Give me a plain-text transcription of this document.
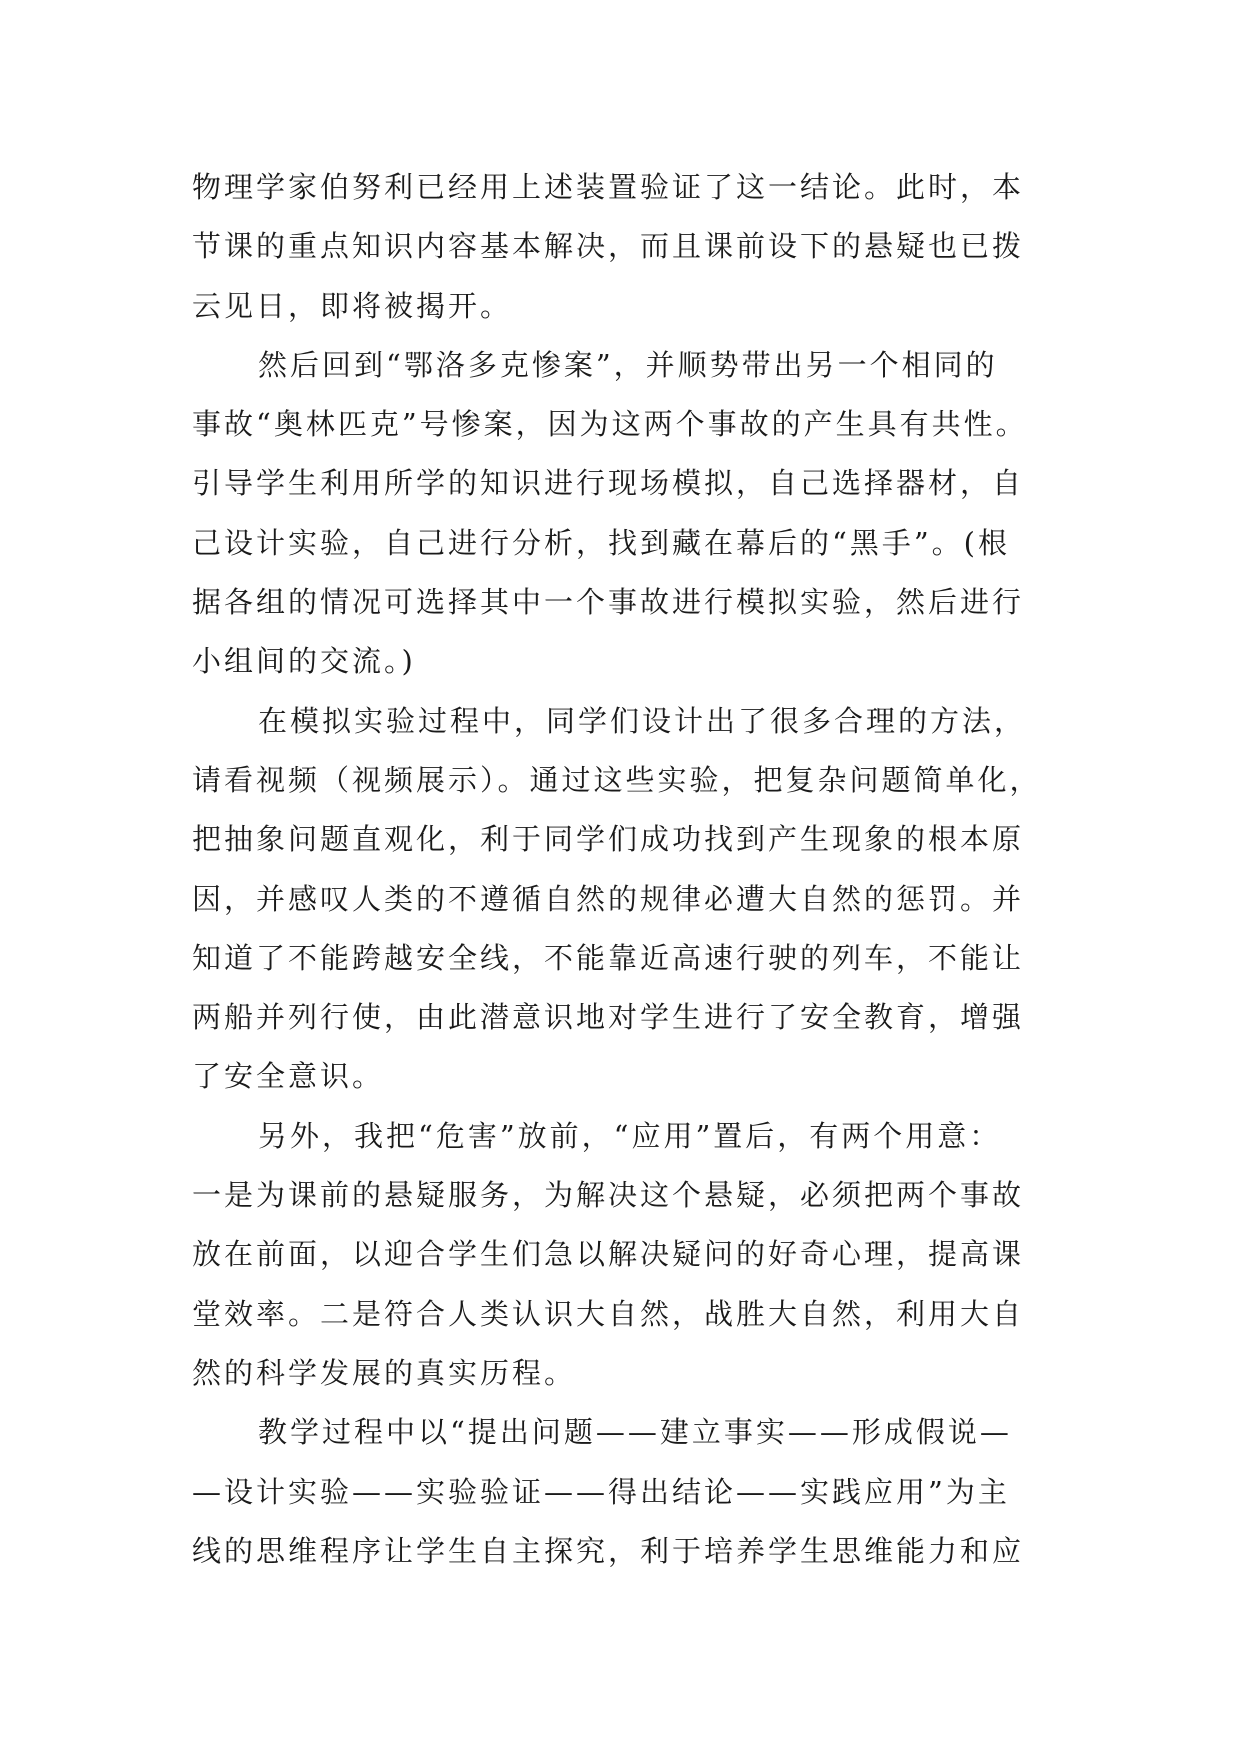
物理学家伯努利已经用上述装置验证了这一结论。此时，本
节课的重点知识内容基本解决，而且课前设下的悬疑也已拨
云见日，即将被揭开。
然后回到“鄂洛多克惨案”，并顺势带出另一个相同的
事故“奥林匹克”号惨案，因为这两个事故的产生具有共性。
引导学生利用所学的知识进行现场模拟，自己选择器材，自
己设计实验，自己进行分析，找到藏在幕后的“黑手”。(根
据各组的情况可选择其中一个事故进行模拟实验，然后进行
小组间的交流。)
在模拟实验过程中，同学们设计出了很多合理的方法，
请看视频（视频展示）。通过这些实验，把复杂问题简单化，
把抽象问题直观化，利于同学们成功找到产生现象的根本原
因，并感叹人类的不遵循自然的规律必遭大自然的惩罚。并
知道了不能跨越安全线，不能靠近高速行驶的列车，不能让
两船并列行使，由此潜意识地对学生进行了安全教育，增强
了安全意识。
另外，我把“危害”放前，“应用”置后，有两个用意：
一是为课前的悬疑服务，为解决这个悬疑，必须把两个事故
放在前面，以迎合学生们急以解决疑问的好奇心理，提高课
堂效率。二是符合人类认识大自然，战胜大自然，利用大自
然的科学发展的真实历程。
教学过程中以“提出问题——建立事实——形成假说—
—设计实验——实验验证——得出结论——实践应用”为主
线的思维程序让学生自主探究，利于培养学生思维能力和应
